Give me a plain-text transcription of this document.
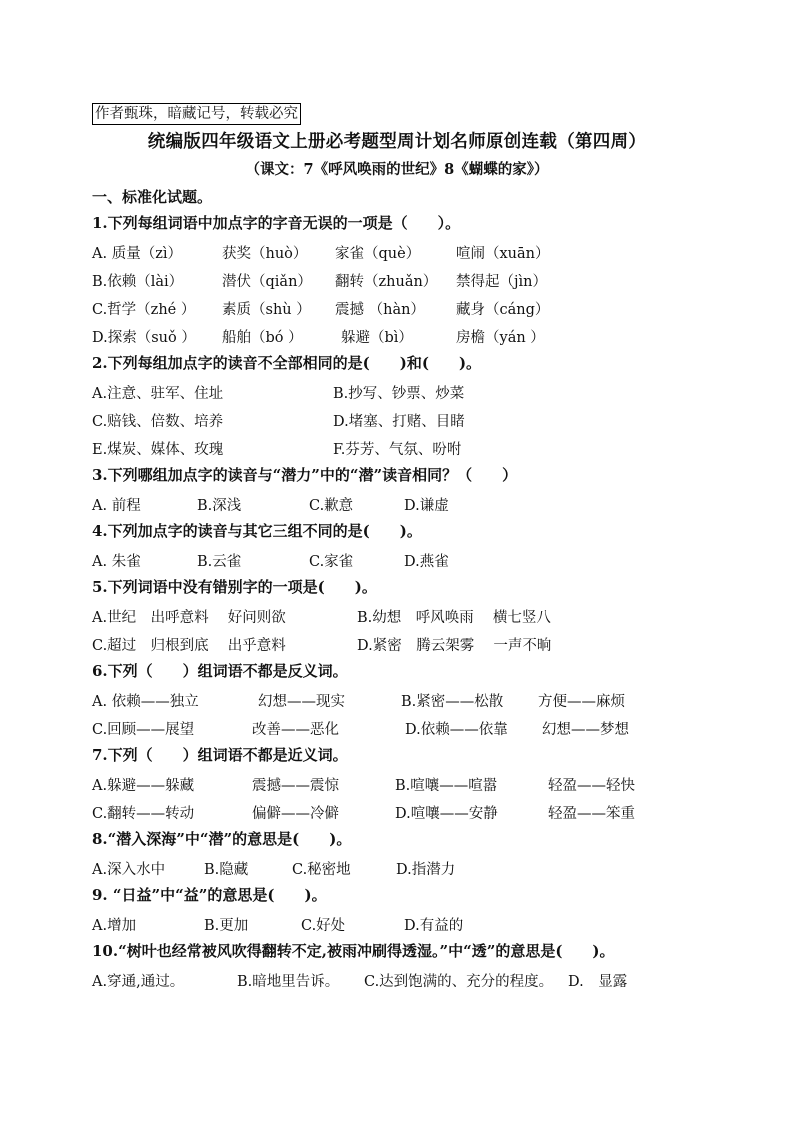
作者甄珠，暗藏记号，转载必究
统编版四年级语文上册必考题型周计划名师原创连载（第四周）
（课文：7《呼风唤雨的世纪》8《蝴蝶的家》）
一、标准化试题。
1.下列每组词语中加点字的字音无误的一项是（　　）。
A. 质量（zì）	获奖（huò） 家雀（què） 喧闹（xuān）
B.依赖（lài）	潜伏（qiǎn） 翻转（zhuǎn） 禁得起（jìn）
C.哲学（zhé ） 素质（shù ） 震撼 （hàn） 藏身（cáng）
D.探索（suǒ ） 船舶（bó ）	躲避（bì）	房檐（yán ）
2.下列每组加点字的读音不全部相同的是(　　)和(　　)。
A.注意、驻军、住址	B.抄写、钞票、炒菜
C.赔钱、倍数、培养	D.堵塞、打赌、目睹
E.煤炭、媒体、玫瑰	F.芬芳、气氛、吩咐
3.下列哪组加点字的读音与“潜力”中的“潜”读音相同？（　　）
A. 前程	B.深浅	C.歉意	D.谦虚
4.下列加点字的读音与其它三组不同的是(　　)。
A. 朱雀	B.云雀	C.家雀	D.燕雀
5.下列词语中没有错别字的一项是(　　)。
A.世纪　出呼意料　 好问则欲	B.幼想　呼风唤雨　 横七竖八
C.超过　归根到底　 出乎意料	D.紧密　腾云架雾　 一声不晌
6.下列（　　）组词语不都是反义词。
A. 依赖——独立	幻想——现实	B.紧密——松散 方便——麻烦
C.回顾——展望	改善——恶化	D.依赖——依靠 幻想——梦想
7.下列（　　）组词语不都是近义词。
A.躲避——躲藏	震撼——震惊	B.喧嚷——喧嚣	轻盈——轻快
C.翻转——转动	偏僻——冷僻	D.喧嚷——安静	轻盈——笨重
8.“潜入深海”中“潜”的意思是(　　)。
A.深入水中	B.隐藏	C.秘密地	D.指潜力
9. “日益”中“益”的意思是(　　)。
A.增加	B.更加	C.好处	D.有益的
10.“树叶也经常被风吹得翻转不定,被雨冲刷得透湿。”中“透”的意思是(　　)。
A.穿通,通过。	B.暗地里告诉。 C.达到饱满的、充分的程度。 D.　显露
